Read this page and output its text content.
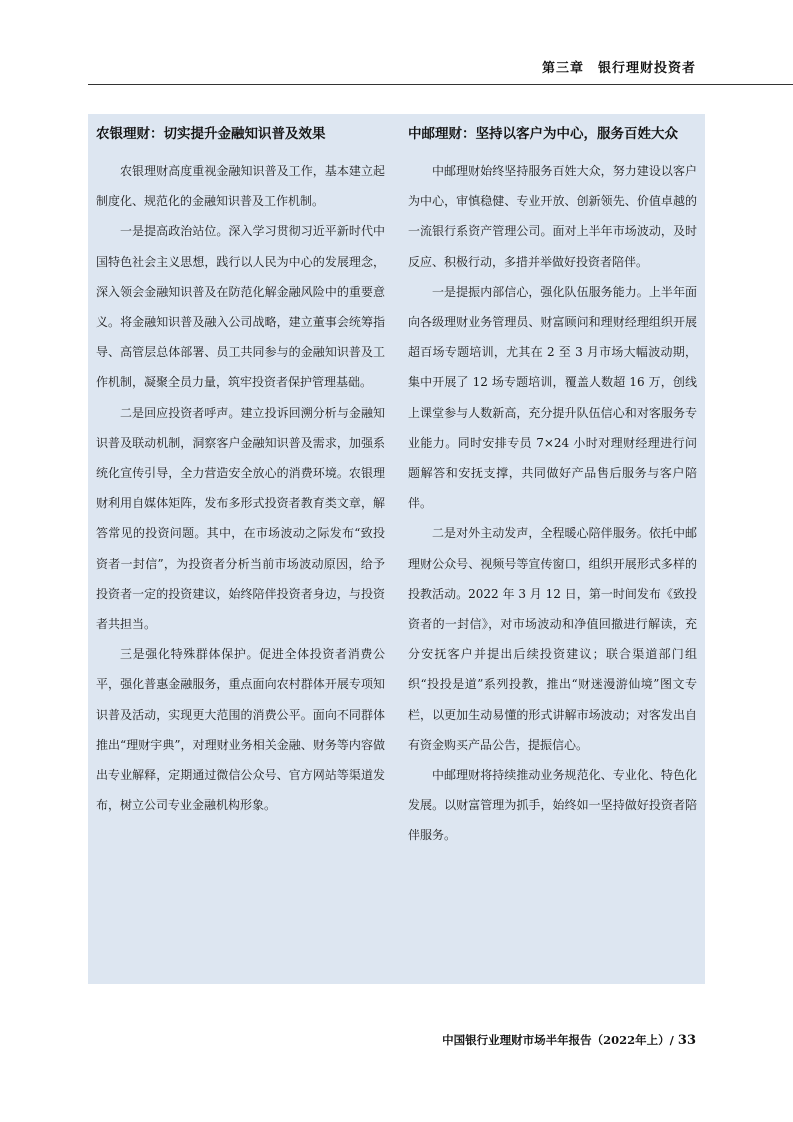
第三章　银行理财投资者
农银理财：切实提升金融知识普及效果

农银理财高度重视金融知识普及工作，基本建立起制度化、规范化的金融知识普及工作机制。

一是提高政治站位。深入学习贯彻习近平新时代中国特色社会主义思想，践行以人民为中心的发展理念，深入领会金融知识普及在防范化解金融风险中的重要意义。将金融知识普及融入公司战略，建立董事会统筹指导、高管层总体部署、员工共同参与的金融知识普及工作机制，凝聚全员力量，筑牢投资者保护管理基础。

二是回应投资者呼声。建立投诉回溯分析与金融知识普及联动机制，洞察客户金融知识普及需求，加强系统化宣传引导，全力营造安全放心的消费环境。农银理财利用自媒体矩阵，发布多形式投资者教育类文章，解答常见的投资问题。其中，在市场波动之际发布“致投资者一封信”，为投资者分析当前市场波动原因，给予投资者一定的投资建议，始终陪伴投资者身边，与投资者共担当。

三是强化特殊群体保护。促进全体投资者消费公平，强化普惠金融服务，重点面向农村群体开展专项知识普及活动，实现更大范围的消费公平。面向不同群体推出“理财宇典”，对理财业务相关金融、财务等内容做出专业解释，定期通过微信公众号、官方网站等渠道发布，树立公司专业金融机构形象。

中邮理财：坚持以客户为中心，服务百姓大众

中邮理财始终坚持服务百姓大众，努力建设以客户为中心，审慎稳健、专业开放、创新领先、价值卓越的一流银行系资产管理公司。面对上半年市场波动，及时反应、积极行动，多措并举做好投资者陪伴。

一是提振内部信心，强化队伍服务能力。上半年面向各级理财业务管理员、财富顾问和理财经理组织开展超百场专题培训，尤其在 2 至 3 月市场大幅波动期，集中开展了 12 场专题培训，覆盖人数超 16 万，创线上课堂参与人数新高，充分提升队伍信心和对客服务专业能力。同时安排专员 7×24 小时对理财经理进行问题解答和安抚支撑，共同做好产品售后服务与客户陪伴。

二是对外主动发声，全程暖心陪伴服务。依托中邮理财公众号、视频号等宣传窗口，组织开展形式多样的投教活动。2022 年 3 月 12 日，第一时间发布《致投资者的一封信》，对市场波动和净值回撤进行解读，充分安抚客户并提出后续投资建议；联合渠道部门组织“投投是道”系列投教，推出“财迷漫游仙境”图文专栏，以更加生动易懂的形式讲解市场波动；对客发出自有资金购买产品公告，提振信心。

中邮理财将持续推动业务规范化、专业化、特色化发展。以财富管理为抓手，始终如一坚持做好投资者陪伴服务。

中国银行业理财市场半年报告（2022年上）/ 33
